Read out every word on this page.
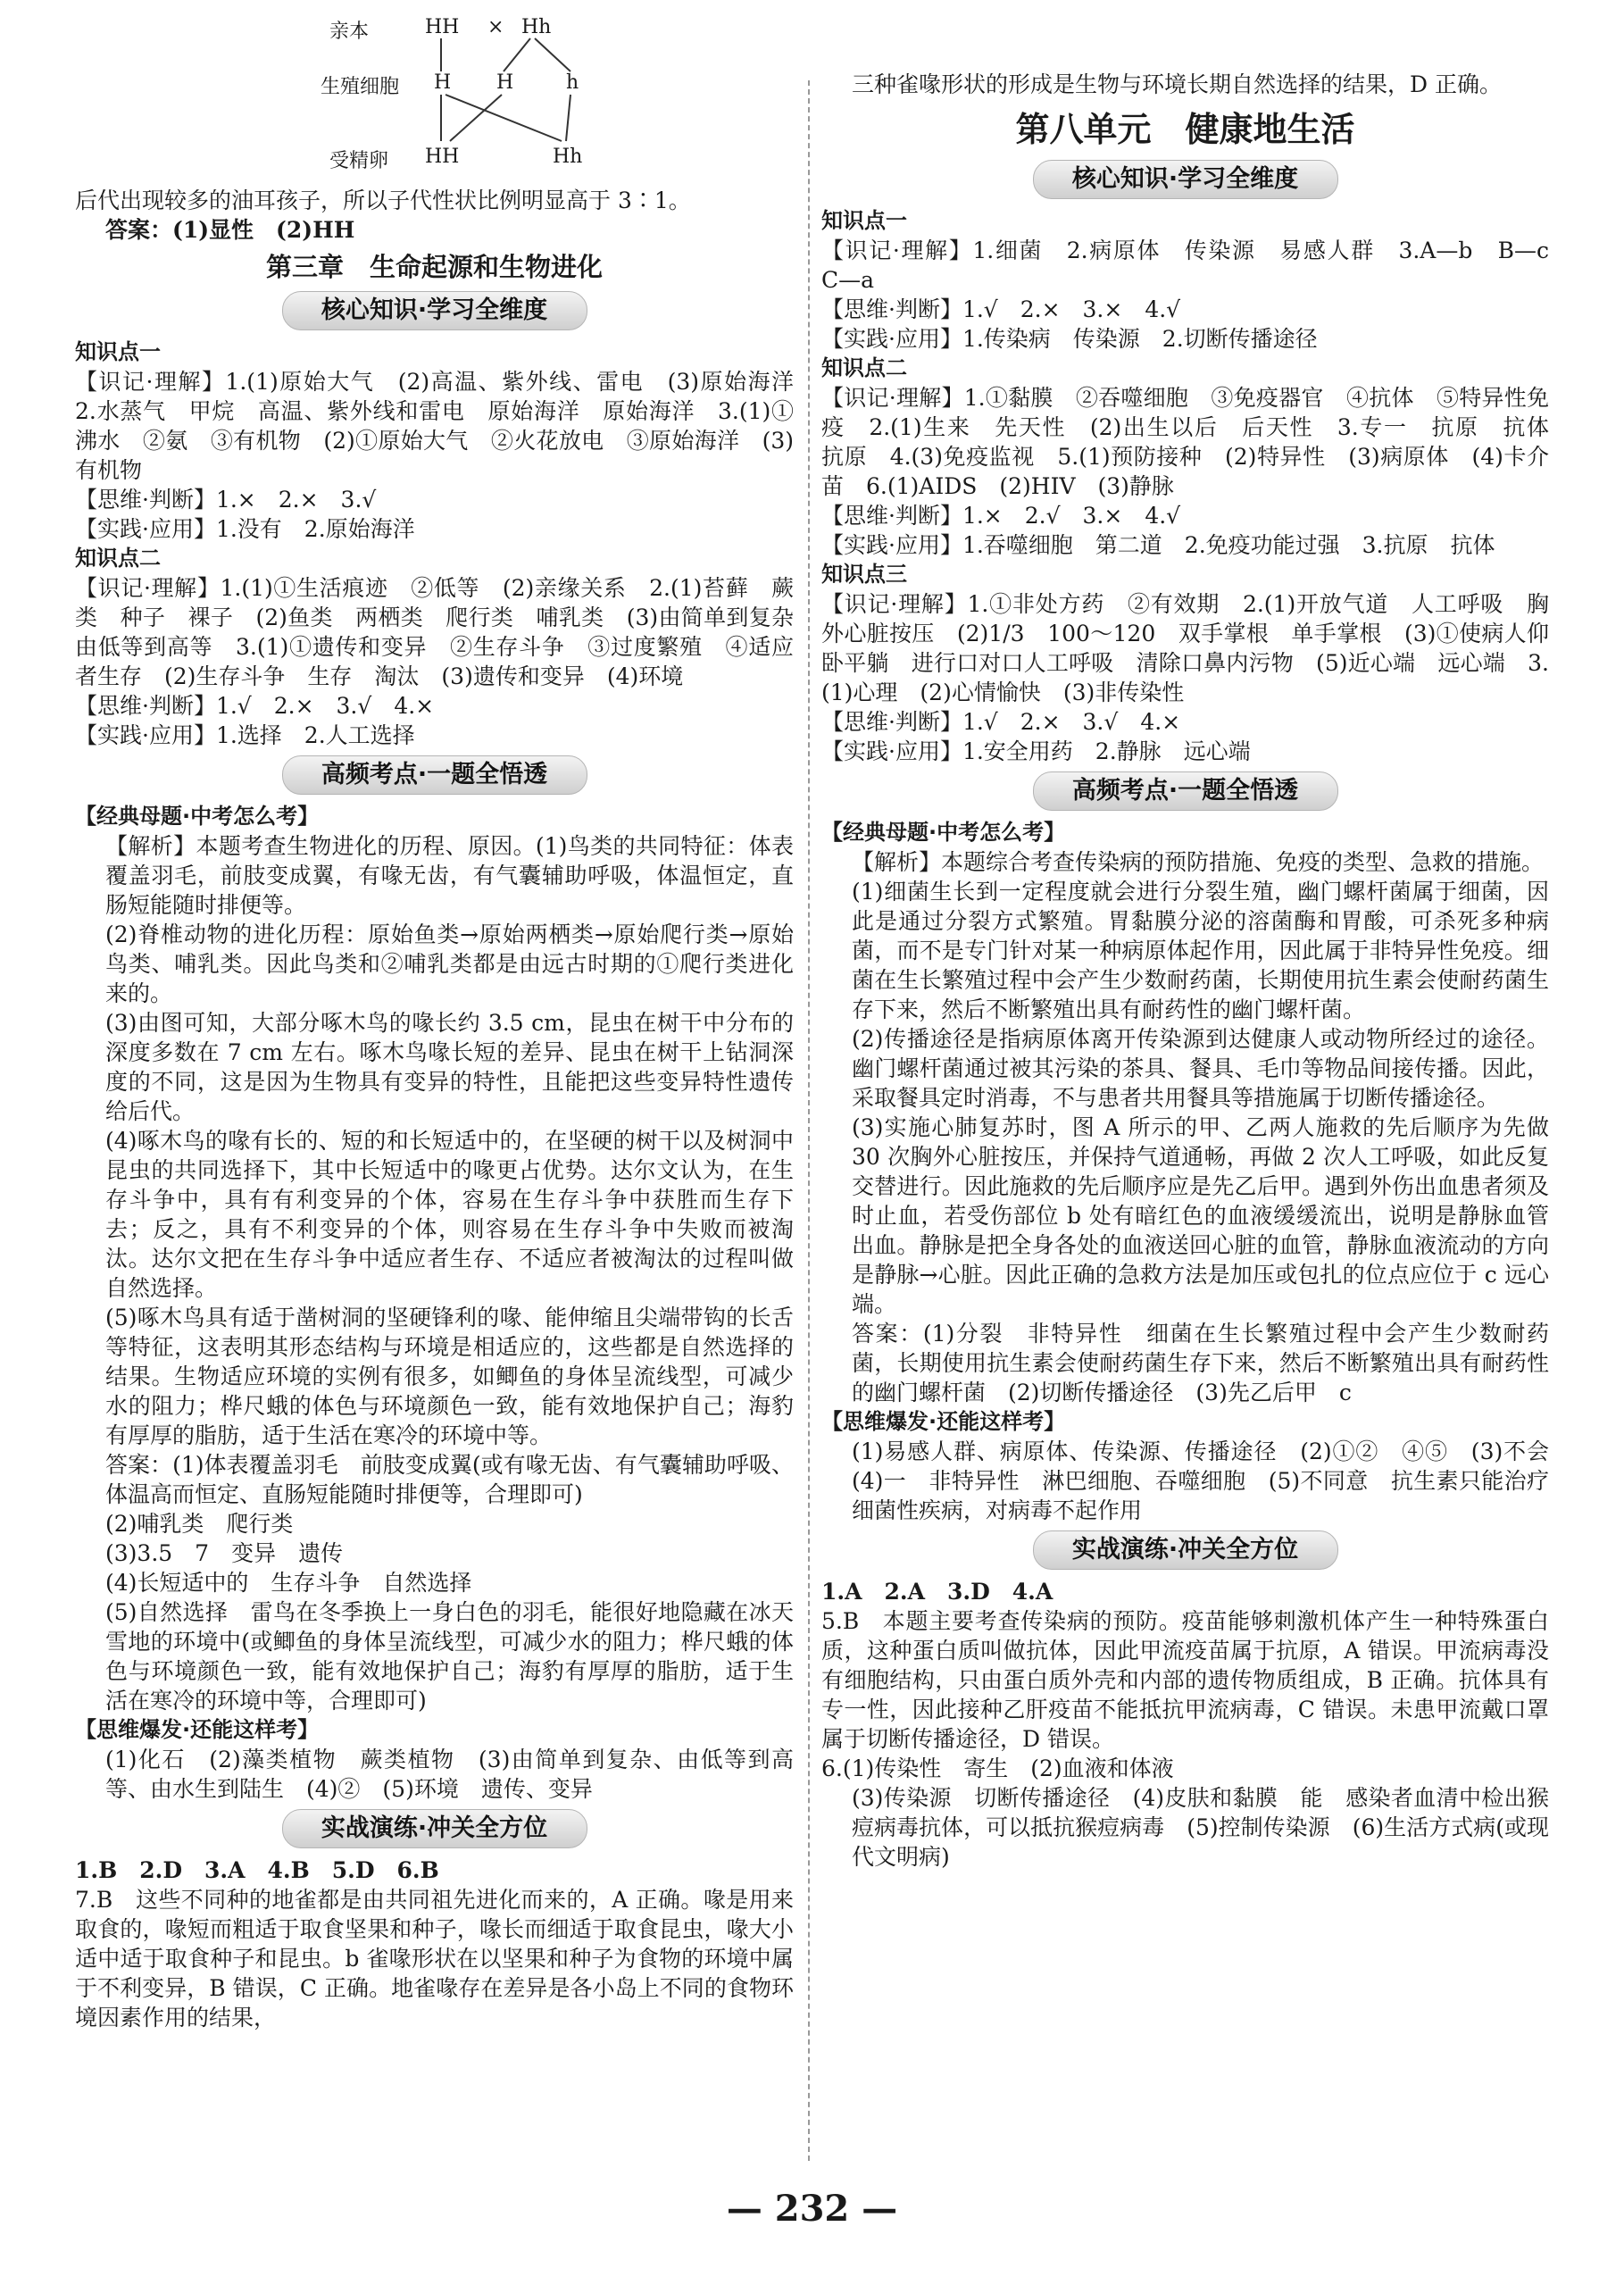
亲本	HH × Hh
生殖细胞 H H	h
受精卵 HH	Hh

后代出现较多的油耳孩子，所以子代性状比例明显高于 3∶1。

答案：(1)显性　(2)HH

第三章　生命起源和生物进化
核心知识·学习全维度
知识点一

【识记·理解】1.(1)原始大气　(2)高温、紫外线、雷电　(3)原始海洋　2.水蒸气　甲烷　高温、紫外线和雷电　原始海洋　原始海洋　3.(1)①沸水　②氨　③有机物　(2)①原始大气　②火花放电　③原始海洋　(3)有机物

【思维·判断】1.×　2.×　3.√

【实践·应用】1.没有　2.原始海洋

知识点二

【识记·理解】1.(1)①生活痕迹　②低等　(2)亲缘关系　2.(1)苔藓　蕨类　种子　裸子　(2)鱼类　两栖类　爬行类　哺乳类　(3)由简单到复杂　由低等到高等　3.(1)①遗传和变异　②生存斗争　③过度繁殖　④适应者生存　(2)生存斗争　生存　淘汰　(3)遗传和变异　(4)环境

【思维·判断】1.√　2.×　3.√　4.×

【实践·应用】1.选择　2.人工选择

高频考点·一题全悟透
【经典母题·中考怎么考】

【解析】本题考查生物进化的历程、原因。(1)鸟类的共同特征：体表覆盖羽毛，前肢变成翼，有喙无齿，有气囊辅助呼吸，体温恒定，直肠短能随时排便等。

(2)脊椎动物的进化历程：原始鱼类→原始两栖类→原始爬行类→原始鸟类、哺乳类。因此鸟类和②哺乳类都是由远古时期的①爬行类进化来的。

(3)由图可知，大部分啄木鸟的喙长约 3.5 cm，昆虫在树干中分布的深度多数在 7 cm 左右。啄木鸟喙长短的差异、昆虫在树干上钻洞深度的不同，这是因为生物具有变异的特性，且能把这些变异特性遗传给后代。

(4)啄木鸟的喙有长的、短的和长短适中的，在坚硬的树干以及树洞中昆虫的共同选择下，其中长短适中的喙更占优势。达尔文认为，在生存斗争中，具有有利变异的个体，容易在生存斗争中获胜而生存下去；反之，具有不利变异的个体，则容易在生存斗争中失败而被淘汰。达尔文把在生存斗争中适应者生存、不适应者被淘汰的过程叫做自然选择。

(5)啄木鸟具有适于凿树洞的坚硬锋利的喙、能伸缩且尖端带钩的长舌等特征，这表明其形态结构与环境是相适应的，这些都是自然选择的结果。生物适应环境的实例有很多，如鲫鱼的身体呈流线型，可减少水的阻力；桦尺蛾的体色与环境颜色一致，能有效地保护自己；海豹有厚厚的脂肪，适于生活在寒冷的环境中等。

答案：(1)体表覆盖羽毛　前肢变成翼(或有喙无齿、有气囊辅助呼吸、体温高而恒定、直肠短能随时排便等，合理即可)

(2)哺乳类　爬行类

(3)3.5　7　变异　遗传

(4)长短适中的　生存斗争　自然选择

(5)自然选择　雷鸟在冬季换上一身白色的羽毛，能很好地隐藏在冰天雪地的环境中(或鲫鱼的身体呈流线型，可减少水的阻力；桦尺蛾的体色与环境颜色一致，能有效地保护自己；海豹有厚厚的脂肪，适于生活在寒冷的环境中等，合理即可)

【思维爆发·还能这样考】

(1)化石　(2)藻类植物　蕨类植物　(3)由简单到复杂、由低等到高等、由水生到陆生　(4)②　(5)环境　遗传、变异

实战演练·冲关全方位

1.B　2.D　3.A　4.B　5.D　6.B

7.B　这些不同种的地雀都是由共同祖先进化而来的，A 正确。喙是用来取食的，喙短而粗适于取食坚果和种子，喙长而细适于取食昆虫，喙大小适中适于取食种子和昆虫。b 雀喙形状在以坚果和种子为食物的环境中属于不利变异，B 错误，C 正确。地雀喙存在差异是各小岛上不同的食物环境因素作用的结果，

三种雀喙形状的形成是生物与环境长期自然选择的结果，D 正确。

第八单元　健康地生活
核心知识·学习全维度
知识点一

【识记·理解】1.细菌　2.病原体　传染源　易感人群　3.A—b　B—c　C—a

【思维·判断】1.√　2.×　3.×　4.√

【实践·应用】1.传染病　传染源　2.切断传播途径

知识点二

【识记·理解】1.①黏膜　②吞噬细胞　③免疫器官　④抗体　⑤特异性免疫　2.(1)生来　先天性　(2)出生以后　后天性　3.专一　抗原　抗体　抗原　4.(3)免疫监视　5.(1)预防接种　(2)特异性　(3)病原体　(4)卡介苗　6.(1)AIDS　(2)HIV　(3)静脉

【思维·判断】1.×　2.√　3.×　4.√

【实践·应用】1.吞噬细胞　第二道　2.免疫功能过强　3.抗原　抗体

知识点三

【识记·理解】1.①非处方药　②有效期　2.(1)开放气道　人工呼吸　胸外心脏按压　(2)1/3　100～120　双手掌根　单手掌根　(3)①使病人仰卧平躺　进行口对口人工呼吸　清除口鼻内污物　(5)近心端　远心端　3.(1)心理　(2)心情愉快　(3)非传染性

【思维·判断】1.√　2.×　3.√　4.×

【实践·应用】1.安全用药　2.静脉　远心端

高频考点·一题全悟透
【经典母题·中考怎么考】

【解析】本题综合考查传染病的预防措施、免疫的类型、急救的措施。

(1)细菌生长到一定程度就会进行分裂生殖，幽门螺杆菌属于细菌，因此是通过分裂方式繁殖。胃黏膜分泌的溶菌酶和胃酸，可杀死多种病菌，而不是专门针对某一种病原体起作用，因此属于非特异性免疫。细菌在生长繁殖过程中会产生少数耐药菌，长期使用抗生素会使耐药菌生存下来，然后不断繁殖出具有耐药性的幽门螺杆菌。

(2)传播途径是指病原体离开传染源到达健康人或动物所经过的途径。幽门螺杆菌通过被其污染的茶具、餐具、毛巾等物品间接传播。因此，采取餐具定时消毒，不与患者共用餐具等措施属于切断传播途径。

(3)实施心肺复苏时，图 A 所示的甲、乙两人施救的先后顺序为先做 30 次胸外心脏按压，并保持气道通畅，再做 2 次人工呼吸，如此反复交替进行。因此施救的先后顺序应是先乙后甲。遇到外伤出血患者须及时止血，若受伤部位 b 处有暗红色的血液缓缓流出，说明是静脉血管出血。静脉是把全身各处的血液送回心脏的血管，静脉血液流动的方向是静脉→心脏。因此正确的急救方法是加压或包扎的位点应位于 c 远心端。

答案：(1)分裂　非特异性　细菌在生长繁殖过程中会产生少数耐药菌，长期使用抗生素会使耐药菌生存下来，然后不断繁殖出具有耐药性的幽门螺杆菌　(2)切断传播途径　(3)先乙后甲　c

【思维爆发·还能这样考】

(1)易感人群、病原体、传染源、传播途径　(2)①②　④⑤　(3)不会　(4)一　非特异性　淋巴细胞、吞噬细胞　(5)不同意　抗生素只能治疗细菌性疾病，对病毒不起作用

实战演练·冲关全方位

1.A　2.A　3.D　4.A

5.B　本题主要考查传染病的预防。疫苗能够刺激机体产生一种特殊蛋白质，这种蛋白质叫做抗体，因此甲流疫苗属于抗原，A 错误。甲流病毒没有细胞结构，只由蛋白质外壳和内部的遗传物质组成，B 正确。抗体具有专一性，因此接种乙肝疫苗不能抵抗甲流病毒，C 错误。未患甲流戴口罩属于切断传播途径，D 错误。

6.(1)传染性　寄生　(2)血液和体液

(3)传染源　切断传播途径　(4)皮肤和黏膜　能　感染者血清中检出猴痘病毒抗体，可以抵抗猴痘病毒　(5)控制传染源　(6)生活方式病(或现代文明病)

— 232 —
